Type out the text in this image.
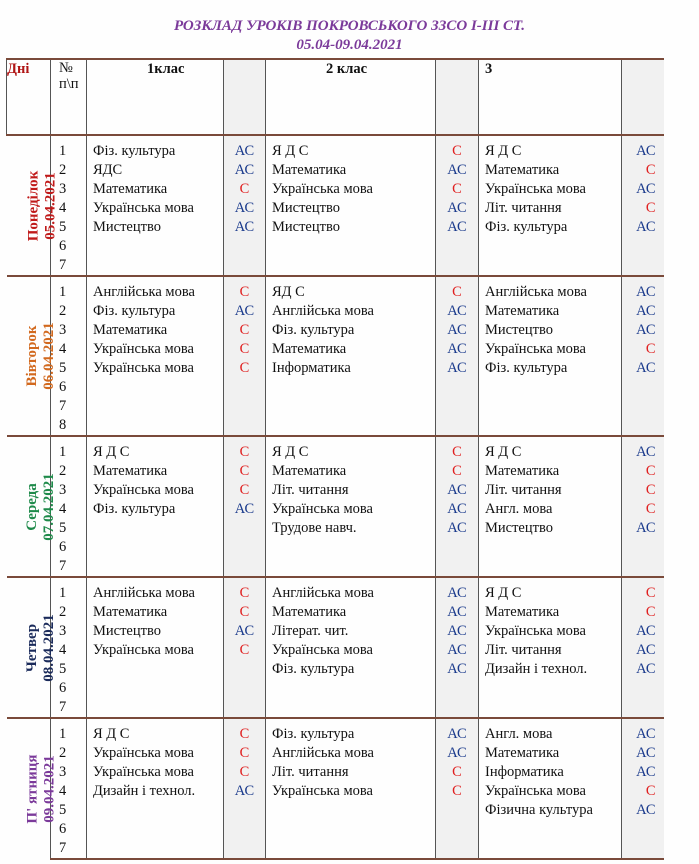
РОЗКЛАД УРОКІВ ПОКРОВСЬКОГО ЗЗСО I-III СТ.
05.04-09.04.2021
Дні	№ п\п	1клас		2 клас		3	

Понеділок 05.04.2021							

	1	Фіз. культура	АС	Я Д С	С	Я Д С	АС
	2	ЯДС	АС	Математика	АС	Математика	С
	3	Математика	С	Українська мова	С	Українська мова	АС
	4	Українська мова	АС	Мистецтво	АС	Літ. читання	С
	5	Мистецтво	АС	Мистецтво	АС	Фіз. культура	АС
	6						
	7						

Вівторок 06.04.2021							

	1	Англійська мова	С	ЯД С	С	Англійська мова	АС
	2	Фіз. культура	АС	Англійська мова	АС	Математика	АС
	3	Математика	С	Фіз. культура	АС	Мистецтво	АС
	4	Українська мова	С	Математика	АС	Українська мова	С
	5	Українська мова	С	Інформатика	АС	Фіз. культура	АС
	6						
	7						
	8						

Середа 07.04.2021							

	1	Я Д С	С	Я Д С	С	Я Д С	АС
	2	Математика	С	Математика	С	Математика	С
	3	Українська мова	С	Літ. читання	АС	Літ. читання	С
	4	Фіз. культура	АС	Українська мова	АС	Англ. мова	С
	5			Трудове навч.	АС	Мистецтво	АС
	6						
	7						

Четвер 08.04.2021							

	1	Англійська мова	С	Англійська мова	АС	Я Д С	С
	2	Математика	С	Математика	АС	Математика	С
	3	Мистецтво	АС	Літерат. чит.	АС	Українська мова	АС
	4	Українська мова	С	Українська мова	АС	Літ. читання	АС
	5			Фіз. культура	АС	Дизайн і технол.	АС
	6						
	7						

П' ятниця 09.04.2021							

	1	Я Д С	С	Фіз. культура	АС	Англ. мова	АС
	2	Українська мова	С	Англійська мова	АС	Математика	АС
	3	Українська мова	С	Літ. читання	С	Інформатика	АС
	4	Дизайн і технол.	АС	Українська мова	С	Українська мова	С
	5					Фізична культура	АС
	6						
	7						
